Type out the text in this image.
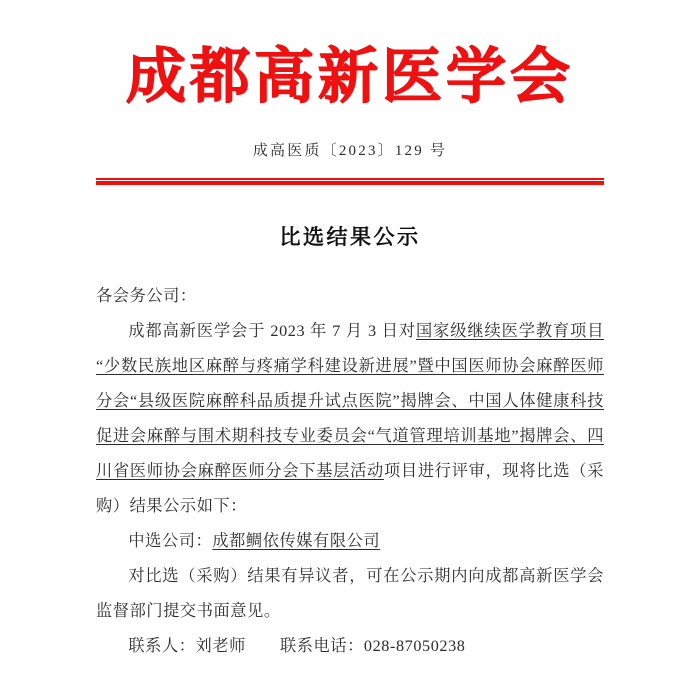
成都高新医学会

成高医质〔2023〕129 号

比选结果公示

各会务公司：

成都高新医学会于 2023 年 7 月 3 日对国家级继续医学教育项目“少数民族地区麻醉与疼痛学科建设新进展”暨中国医师协会麻醉医师分会“县级医院麻醉科品质提升试点医院”揭牌会、中国人体健康科技促进会麻醉与围术期科技专业委员会“气道管理培训基地”揭牌会、四川省医师协会麻醉医师分会下基层活动项目进行评审，现将比选（采购）结果公示如下：

中选公司：成都鲷依传媒有限公司

对比选（采购）结果有异议者，可在公示期内向成都高新医学会监督部门提交书面意见。

联系人：刘老师 联系电话：028-87050238
